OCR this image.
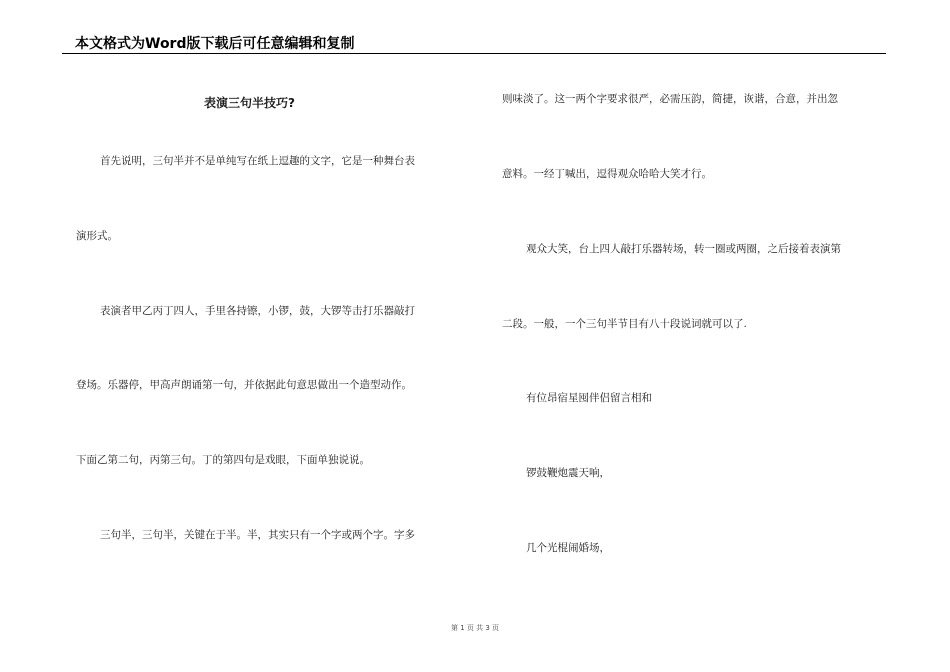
本文格式为Word版下载后可任意编辑和复制
表演三句半技巧?
首先说明，三句半并不是单纯写在纸上逗趣的文字，它是一种舞台表
演形式。
表演者甲乙丙丁四人，手里各持镲，小锣，鼓，大锣等击打乐器敲打
登场。乐器停，甲高声朗诵第一句，并依据此句意思做出一个造型动作。
下面乙第二句，丙第三句。丁的第四句是戏眼，下面单独说说。
三句半，三句半，关键在于半。半，其实只有一个字或两个字。字多
则味淡了。这一两个字要求很严，必需压韵，简捷，诙谐，合意，并出忽
意料。一经丁喊出，逗得观众哈哈大笑才行。
观众大笑，台上四人敲打乐器转场，转一圈或两圈，之后接着表演第
二段。一般，一个三句半节目有八十段说词就可以了.
有位昂宿星囤伴侣留言相和
锣鼓鞭炮震天响，
几个光棍闹婚场，
第 1 页 共 3 页
